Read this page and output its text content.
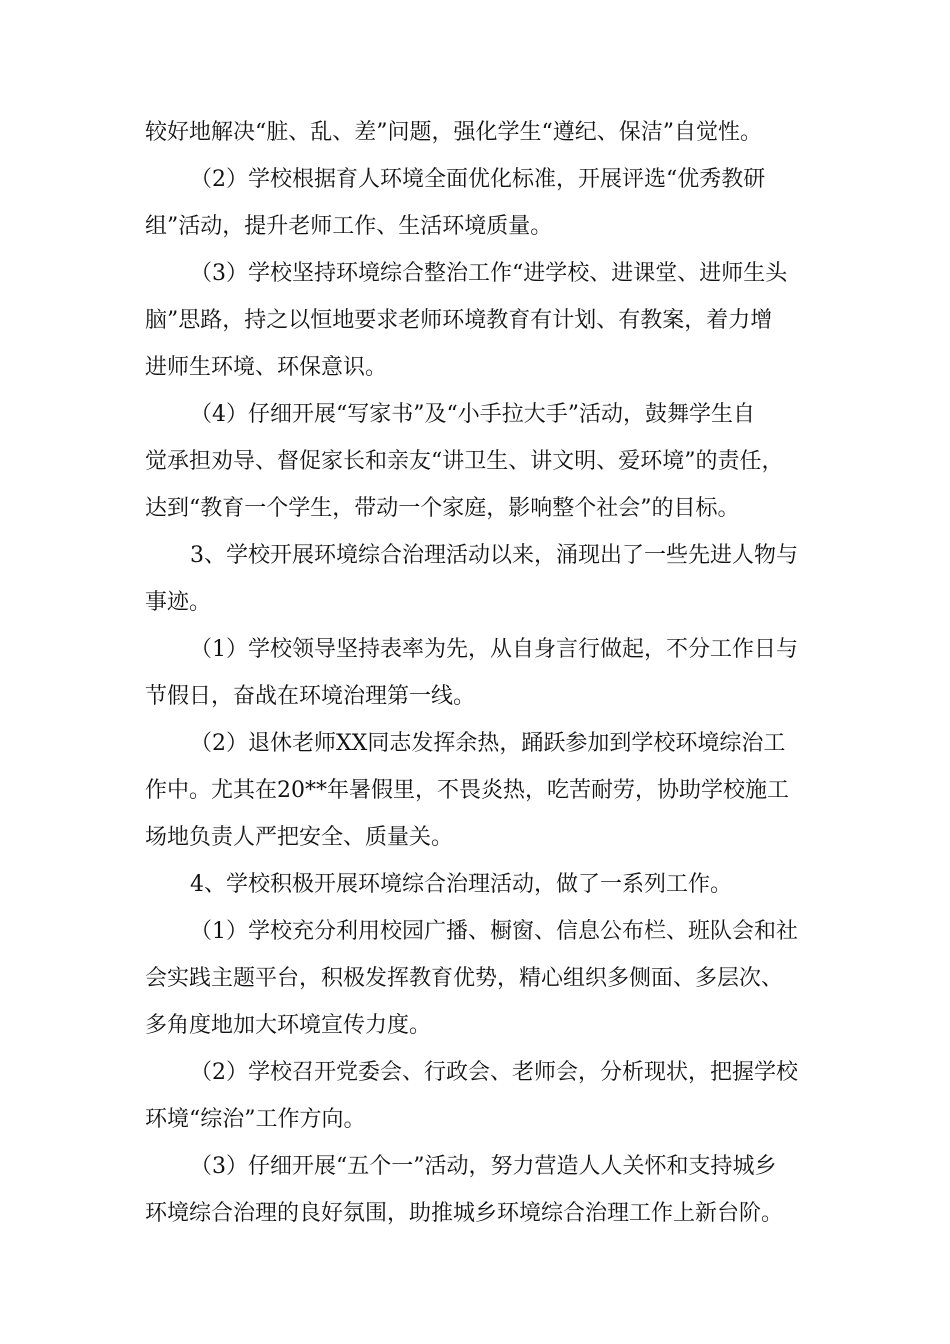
较好地解决“脏、乱、差”问题，强化学生“遵纪、保洁”自觉性。
（2）学校根据育人环境全面优化标准，开展评选“优秀教研
组”活动，提升老师工作、生活环境质量。
（3）学校坚持环境综合整治工作“进学校、进课堂、进师生头
脑”思路，持之以恒地要求老师环境教育有计划、有教案，着力增
进师生环境、环保意识。
（4）仔细开展“写家书”及“小手拉大手”活动，鼓舞学生自
觉承担劝导、督促家长和亲友“讲卫生、讲文明、爱环境”的责任，
达到“教育一个学生，带动一个家庭，影响整个社会”的目标。
3、学校开展环境综合治理活动以来，涌现出了一些先进人物与
事迹。
（1）学校领导坚持表率为先，从自身言行做起，不分工作日与
节假日，奋战在环境治理第一线。
（2）退休老师XX同志发挥余热，踊跃参加到学校环境综治工
作中。尤其在20**年暑假里，不畏炎热，吃苦耐劳，协助学校施工
场地负责人严把安全、质量关。
4、学校积极开展环境综合治理活动，做了一系列工作。
（1）学校充分利用校园广播、橱窗、信息公布栏、班队会和社
会实践主题平台，积极发挥教育优势，精心组织多侧面、多层次、
多角度地加大环境宣传力度。
（2）学校召开党委会、行政会、老师会，分析现状，把握学校
环境“综治”工作方向。
（3）仔细开展“五个一”活动，努力营造人人关怀和支持城乡
环境综合治理的良好氛围，助推城乡环境综合治理工作上新台阶。
